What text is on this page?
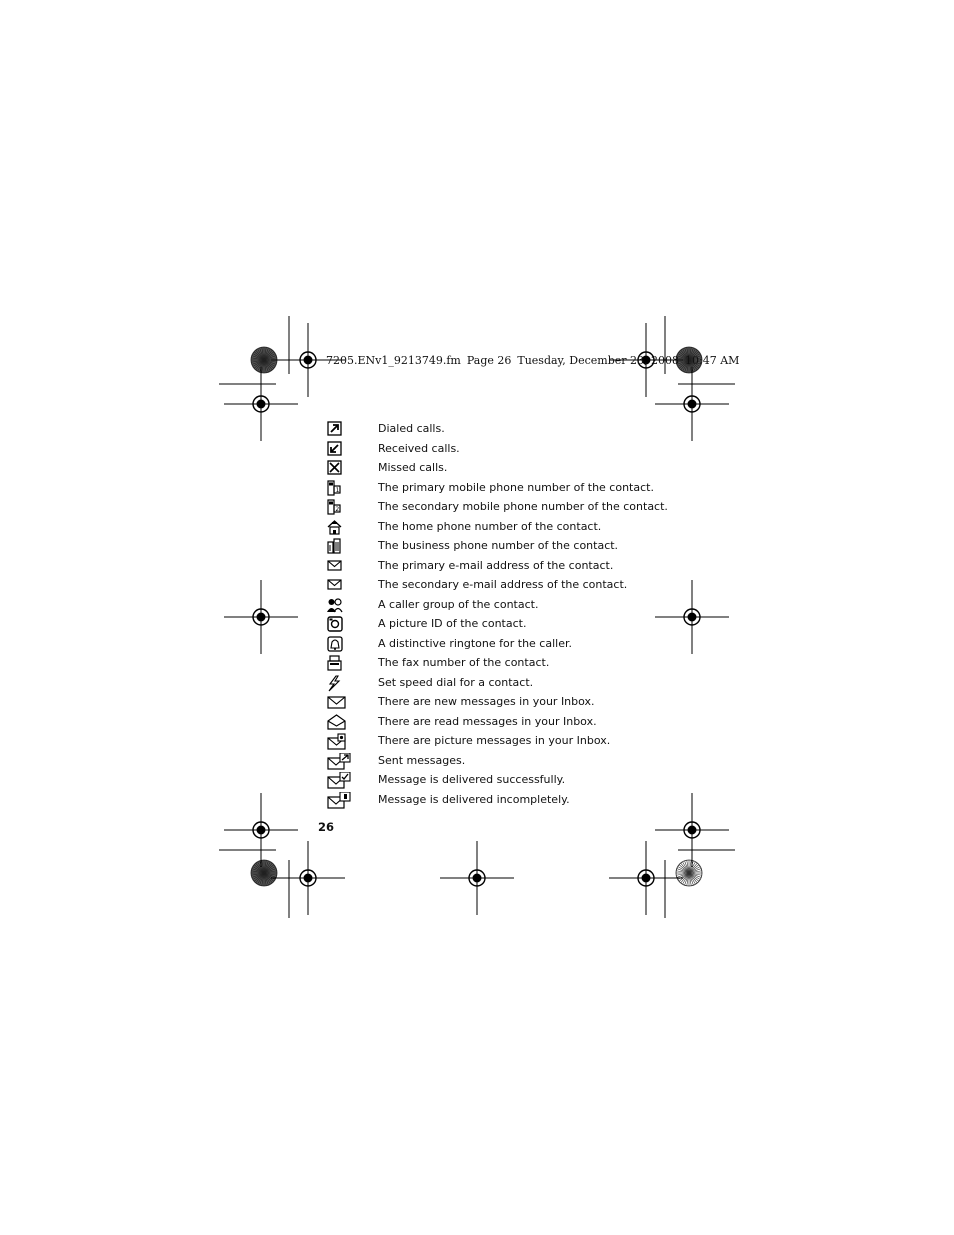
7205.ENv1_9213749.fm Page 26 Tuesday, December 23, 2008 10:47 AM
Dialed calls.
Received calls.
Missed calls.
1	The primary mobile phone number of the contact.
2	The secondary mobile phone number of the contact.
The home phone number of the contact.
The business phone number of the contact.
The primary e-mail address of the contact.
The secondary e-mail address of the contact.
A caller group of the contact.
A picture ID of the contact.
A distinctive ringtone for the caller.
The fax number of the contact.
Set speed dial for a contact.
There are new messages in your Inbox.
There are read messages in your Inbox.
There are picture messages in your Inbox.
Sent messages.
Message is delivered successfully.
Message is delivered incompletely.
26
